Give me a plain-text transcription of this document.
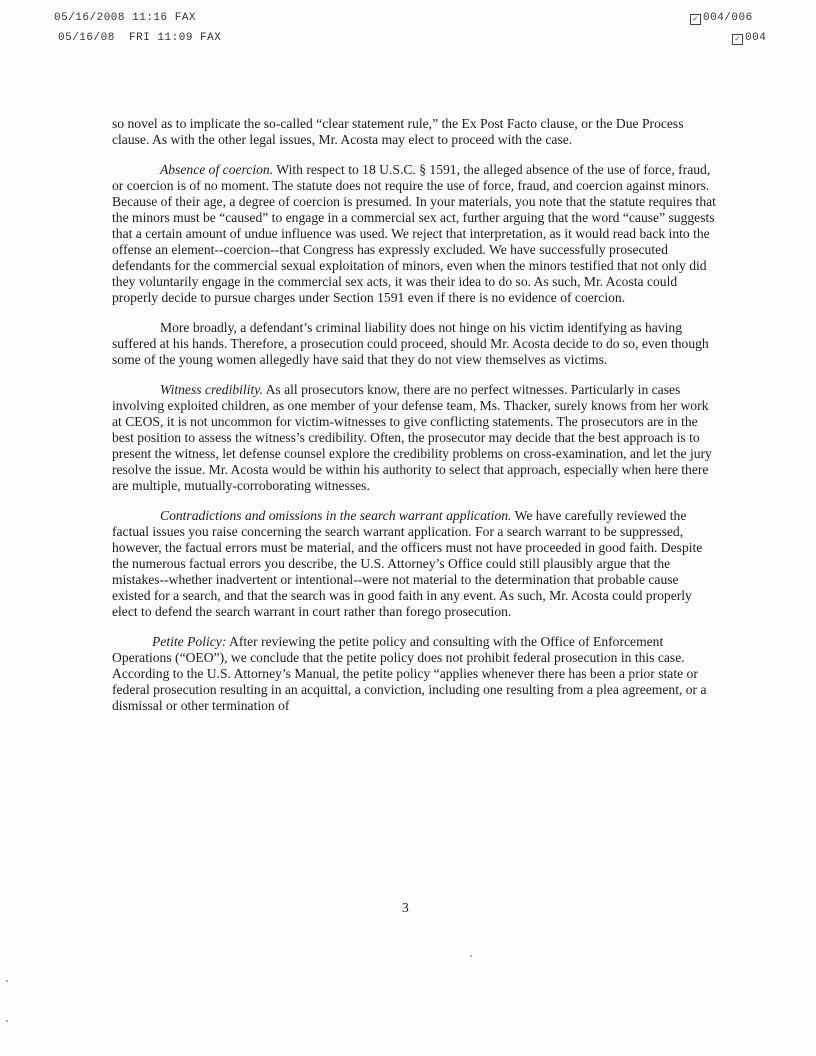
05/16/2008 11:16 FAX	✓ 004/006
05/16/08  FRI 11:09 FAX	✓ 004

so novel as to implicate the so-called “clear statement rule,” the Ex Post Facto clause, or the Due Process clause. As with the other legal issues, Mr. Acosta may elect to proceed with the case.

Absence of coercion. With respect to 18 U.S.C. § 1591, the alleged absence of the use of force, fraud, or coercion is of no moment. The statute does not require the use of force, fraud, and coercion against minors. Because of their age, a degree of coercion is presumed. In your materials, you note that the statute requires that the minors must be “caused” to engage in a commercial sex act, further arguing that the word “cause” suggests that a certain amount of undue influence was used. We reject that interpretation, as it would read back into the offense an element--coercion--that Congress has expressly excluded. We have successfully prosecuted defendants for the commercial sexual exploitation of minors, even when the minors testified that not only did they voluntarily engage in the commercial sex acts, it was their idea to do so. As such, Mr. Acosta could properly decide to pursue charges under Section 1591 even if there is no evidence of coercion.

More broadly, a defendant’s criminal liability does not hinge on his victim identifying as having suffered at his hands. Therefore, a prosecution could proceed, should Mr. Acosta decide to do so, even though some of the young women allegedly have said that they do not view themselves as victims.

Witness credibility. As all prosecutors know, there are no perfect witnesses. Particularly in cases involving exploited children, as one member of your defense team, Ms. Thacker, surely knows from her work at CEOS, it is not uncommon for victim-witnesses to give conflicting statements. The prosecutors are in the best position to assess the witness’s credibility. Often, the prosecutor may decide that the best approach is to present the witness, let defense counsel explore the credibility problems on cross-examination, and let the jury resolve the issue. Mr. Acosta would be within his authority to select that approach, especially when here there are multiple, mutually-corroborating witnesses.

Contradictions and omissions in the search warrant application. We have carefully reviewed the factual issues you raise concerning the search warrant application. For a search warrant to be suppressed, however, the factual errors must be material, and the officers must not have proceeded in good faith. Despite the numerous factual errors you describe, the U.S. Attorney’s Office could still plausibly argue that the mistakes--whether inadvertent or intentional--were not material to the determination that probable cause existed for a search, and that the search was in good faith in any event. As such, Mr. Acosta could properly elect to defend the search warrant in court rather than forego prosecution.

Petite Policy: After reviewing the petite policy and consulting with the Office of Enforcement Operations (“OEO”), we conclude that the petite policy does not prohibit federal prosecution in this case. According to the U.S. Attorney’s Manual, the petite policy “applies whenever there has been a prior state or federal prosecution resulting in an acquittal, a conviction, including one resulting from a plea agreement, or a dismissal or other termination of

3
